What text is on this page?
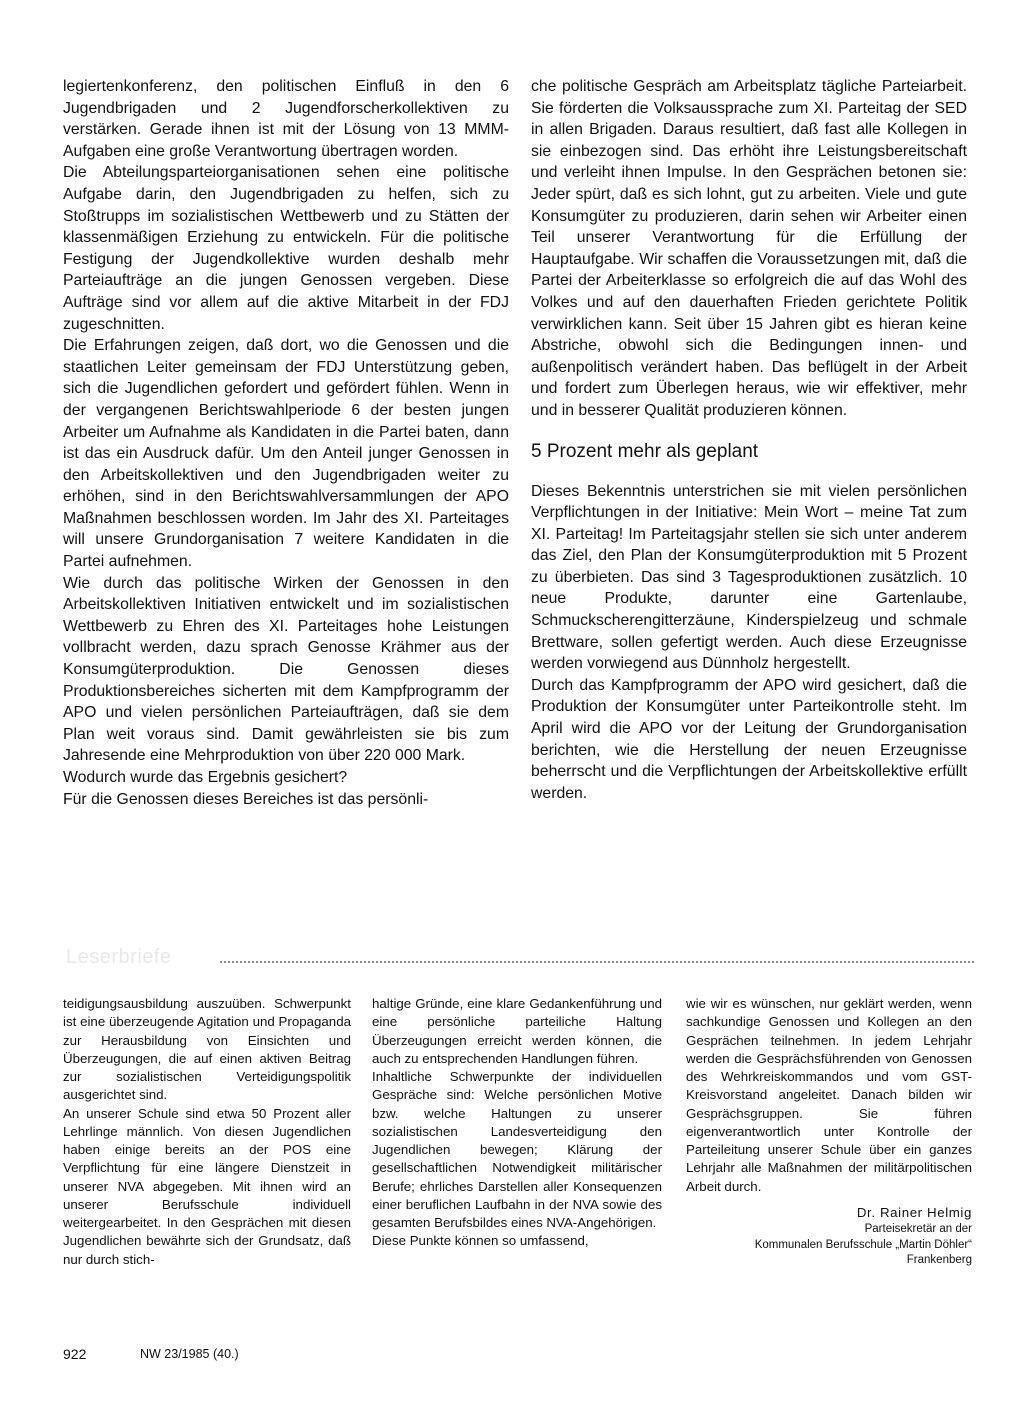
legiertenkonferenz, den politischen Einfluß in den 6 Jugendbrigaden und 2 Jugendforscherkollektiven zu verstärken. Gerade ihnen ist mit der Lösung von 13 MMM-Aufgaben eine große Verantwortung übertragen worden.

Die Abteilungsparteiorganisationen sehen eine politische Aufgabe darin, den Jugendbrigaden zu helfen, sich zu Stoßtrupps im sozialistischen Wettbewerb und zu Stätten der klassenmäßigen Erziehung zu entwickeln. Für die politische Festigung der Jugendkollektive wurden deshalb mehr Parteiaufträge an die jungen Genossen vergeben. Diese Aufträge sind vor allem auf die aktive Mitarbeit in der FDJ zugeschnitten.

Die Erfahrungen zeigen, daß dort, wo die Genossen und die staatlichen Leiter gemeinsam der FDJ Unterstützung geben, sich die Jugendlichen gefordert und gefördert fühlen. Wenn in der vergangenen Berichtswahlperiode 6 der besten jungen Arbeiter um Aufnahme als Kandidaten in die Partei baten, dann ist das ein Ausdruck dafür. Um den Anteil junger Genossen in den Arbeitskollektiven und den Jugendbrigaden weiter zu erhöhen, sind in den Berichtswahlversammlungen der APO Maßnahmen beschlossen worden. Im Jahr des XI. Parteitages will unsere Grundorganisation 7 weitere Kandidaten in die Partei aufnehmen.

Wie durch das politische Wirken der Genossen in den Arbeitskollektiven Initiativen entwickelt und im sozialistischen Wettbewerb zu Ehren des XI. Parteitages hohe Leistungen vollbracht werden, dazu sprach Genosse Krähmer aus der Konsumgüterproduktion. Die Genossen dieses Produktionsbereiches sicherten mit dem Kampfprogramm der APO und vielen persönlichen Parteiaufträgen, daß sie dem Plan weit voraus sind. Damit gewährleisten sie bis zum Jahresende eine Mehrproduktion von über 220 000 Mark.

Wodurch wurde das Ergebnis gesichert?

Für die Genossen dieses Bereiches ist das persönli-

che politische Gespräch am Arbeitsplatz tägliche Parteiarbeit. Sie förderten die Volksaussprache zum XI. Parteitag der SED in allen Brigaden. Daraus resultiert, daß fast alle Kollegen in sie einbezogen sind. Das erhöht ihre Leistungsbereitschaft und verleiht ihnen Impulse. In den Gesprächen betonen sie: Jeder spürt, daß es sich lohnt, gut zu arbeiten. Viele und gute Konsumgüter zu produzieren, darin sehen wir Arbeiter einen Teil unserer Verantwortung für die Erfüllung der Hauptaufgabe. Wir schaffen die Voraussetzungen mit, daß die Partei der Arbeiterklasse so erfolgreich die auf das Wohl des Volkes und auf den dauerhaften Frieden gerichtete Politik verwirklichen kann. Seit über 15 Jahren gibt es hieran keine Abstriche, obwohl sich die Bedingungen innen- und außenpolitisch verändert haben. Das beflügelt in der Arbeit und fordert zum Überlegen heraus, wie wir effektiver, mehr und in besserer Qualität produzieren können.

5 Prozent mehr als geplant

Dieses Bekenntnis unterstrichen sie mit vielen persönlichen Verpflichtungen in der Initiative: Mein Wort – meine Tat zum XI. Parteitag! Im Parteitagsjahr stellen sie sich unter anderem das Ziel, den Plan der Konsumgüterproduktion mit 5 Prozent zu überbieten. Das sind 3 Tagesproduktionen zusätzlich. 10 neue Produkte, darunter eine Gartenlaube, Schmuckscherengitterzäune, Kinderspielzeug und schmale Brettware, sollen gefertigt werden. Auch diese Erzeugnisse werden vorwiegend aus Dünnholz hergestellt.

Durch das Kampfprogramm der APO wird gesichert, daß die Produktion der Konsumgüter unter Parteikontrolle steht. Im April wird die APO vor der Leitung der Grundorganisation berichten, wie die Herstellung der neuen Erzeugnisse beherrscht und die Verpflichtungen der Arbeitskollektive erfüllt werden.

Leserbriefe

teidigungsausbildung auszuüben. Schwerpunkt ist eine überzeugende Agitation und Propaganda zur Herausbildung von Einsichten und Überzeugungen, die auf einen aktiven Beitrag zur sozialistischen Verteidigungspolitik ausgerichtet sind.

An unserer Schule sind etwa 50 Prozent aller Lehrlinge männlich. Von diesen Jugendlichen haben einige bereits an der POS eine Verpflichtung für eine längere Dienstzeit in unserer NVA abgegeben. Mit ihnen wird an unserer Berufsschule individuell weitergearbeitet. In den Gesprächen mit diesen Jugendlichen bewährte sich der Grundsatz, daß nur durch stich-

haltige Gründe, eine klare Gedankenführung und eine persönliche parteiliche Haltung Überzeugungen erreicht werden können, die auch zu entsprechenden Handlungen führen.

Inhaltliche Schwerpunkte der individuellen Gespräche sind: Welche persönlichen Motive bzw. welche Haltungen zu unserer sozialistischen Landesverteidigung den Jugendlichen bewegen; Klärung der gesellschaftlichen Notwendigkeit militärischer Berufe; ehrliches Darstellen aller Konsequenzen einer beruflichen Laufbahn in der NVA sowie des gesamten Berufsbildes eines NVA-Angehörigen.

Diese Punkte können so umfassend,

wie wir es wünschen, nur geklärt werden, wenn sachkundige Genossen und Kollegen an den Gesprächen teilnehmen. In jedem Lehrjahr werden die Gesprächsführenden von Genossen des Wehrkreiskommandos und vom GST-Kreisvorstand angeleitet. Danach bilden wir Gesprächsgruppen. Sie führen eigenverantwortlich unter Kontrolle der Parteileitung unserer Schule über ein ganzes Lehrjahr alle Maßnahmen der militärpolitischen Arbeit durch.

Dr. Rainer Helmig
Parteisekretär an der
Kommunalen Berufsschule „Martin Döhler“
Frankenberg
922	NW 23/1985 (40.)
